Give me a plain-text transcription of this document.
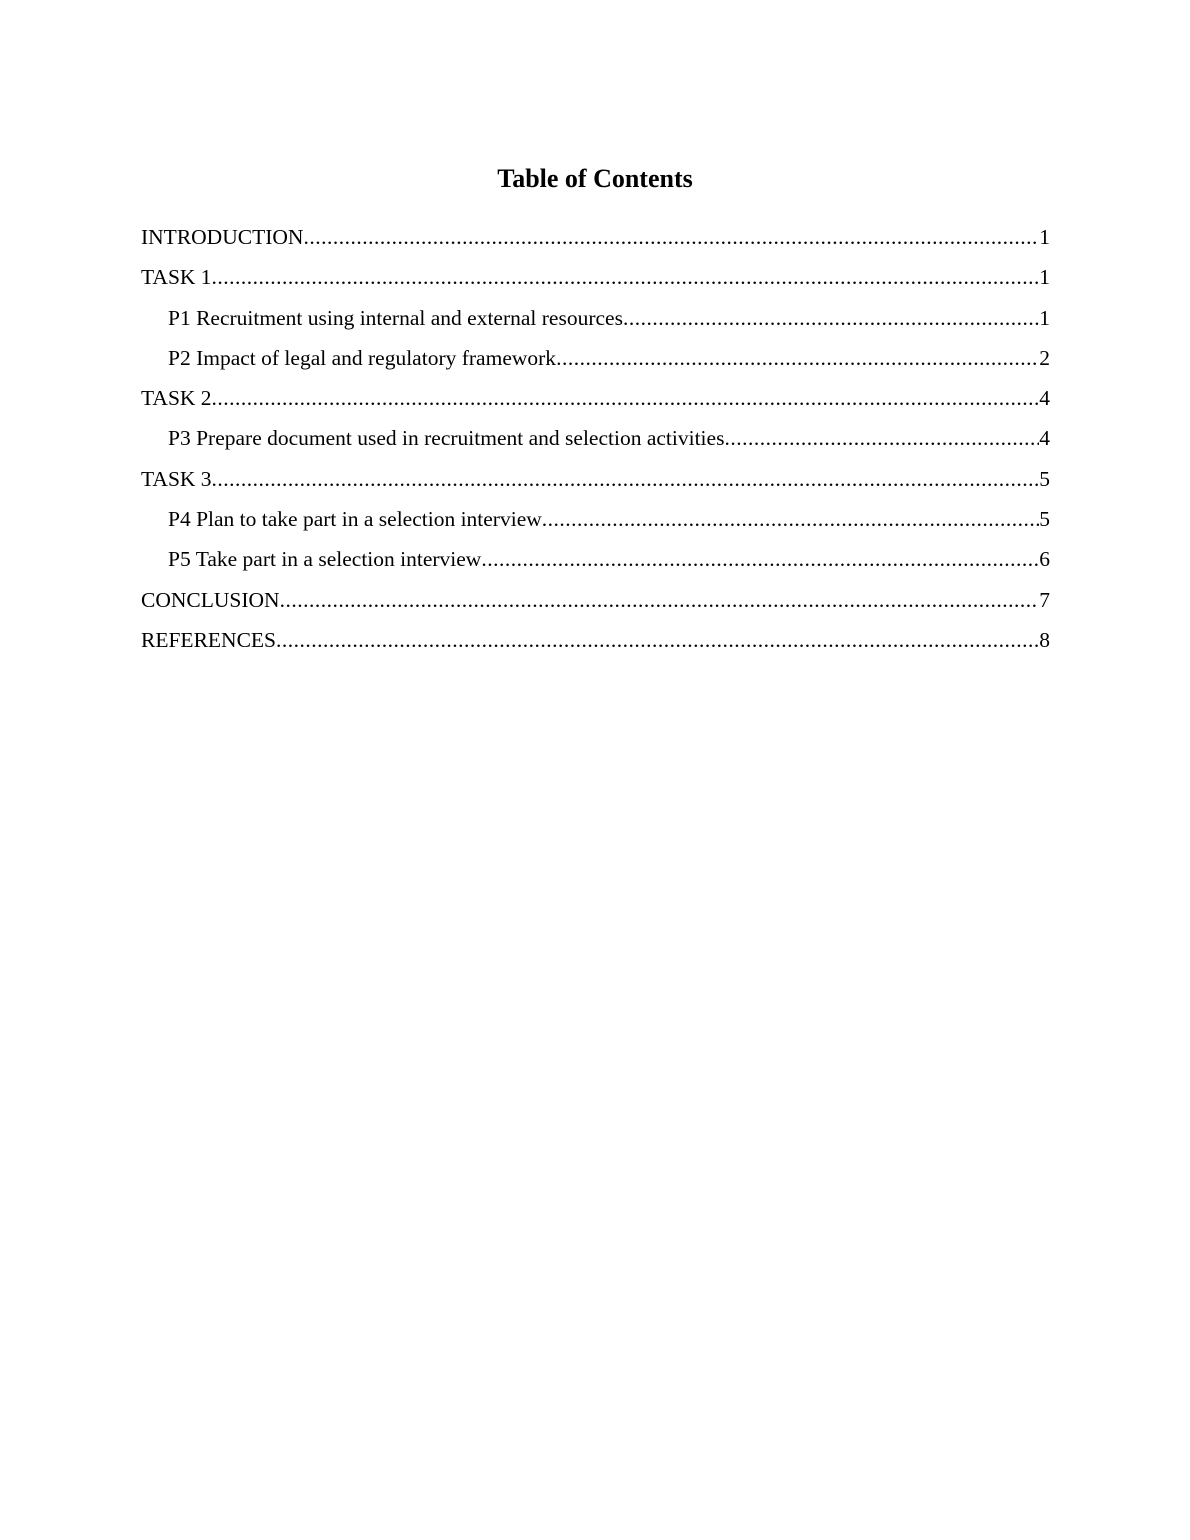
Table of Contents
INTRODUCTION .....	1
TASK 1 .....	1
P1 Recruitment using internal and external resources .....	1
P2 Impact of legal and regulatory framework .....	2
TASK 2 .....	4
P3 Prepare document used in recruitment and selection activities .....	4
TASK 3 .....	5
P4 Plan to take part in a selection interview .....	5
P5 Take part in a selection interview .....	6
CONCLUSION .....	7
REFERENCES .....	8
